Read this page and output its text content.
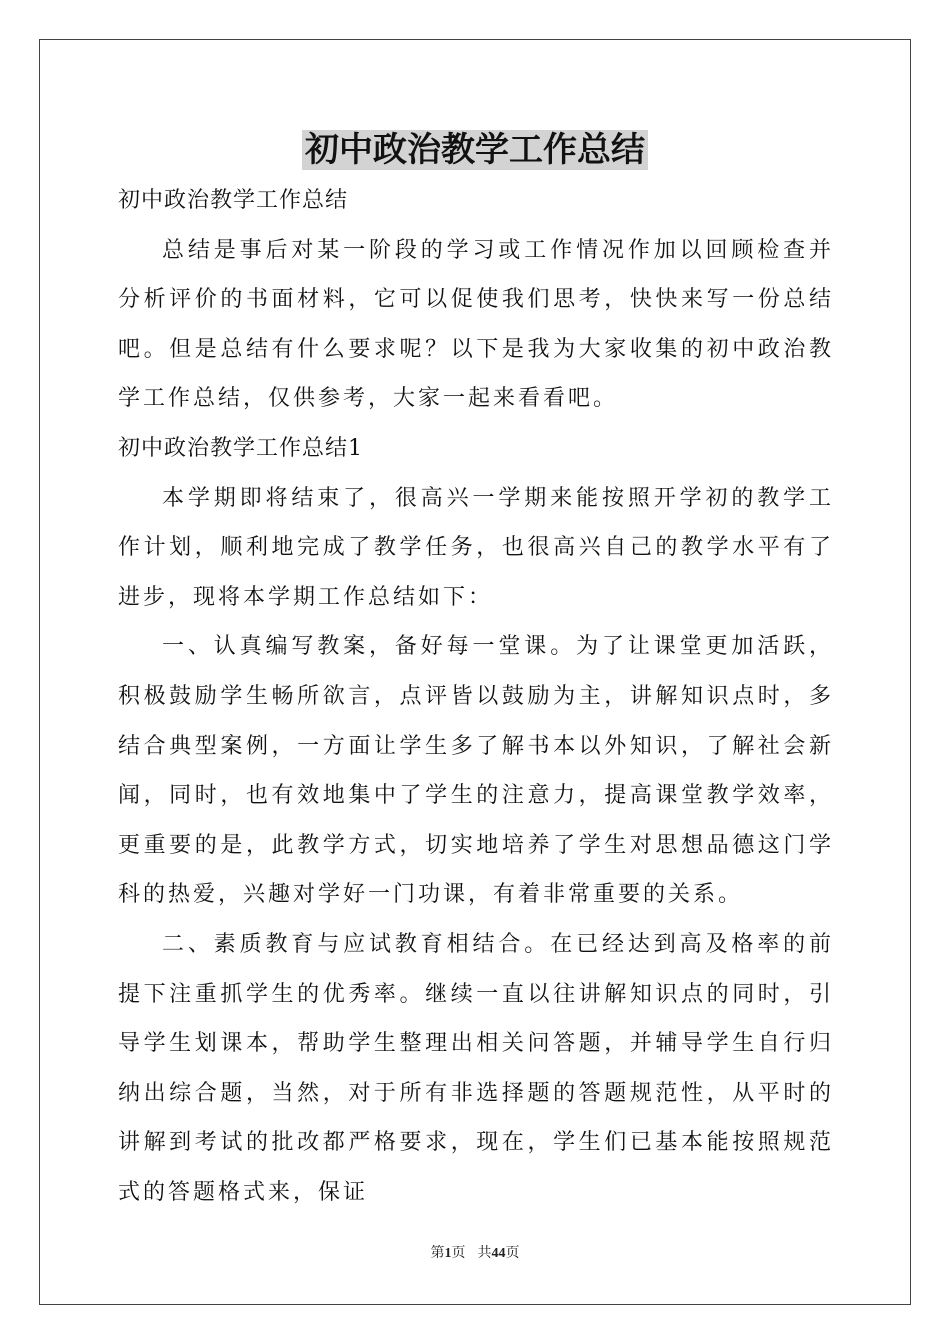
初中政治教学工作总结

初中政治教学工作总结

总结是事后对某一阶段的学习或工作情况作加以回顾检查并分析评价的书面材料，它可以促使我们思考，快快来写一份总结吧。但是总结有什么要求呢？以下是我为大家收集的初中政治教学工作总结，仅供参考，大家一起来看看吧。

初中政治教学工作总结1

本学期即将结束了，很高兴一学期来能按照开学初的教学工作计划，顺利地完成了教学任务，也很高兴自己的教学水平有了进步，现将本学期工作总结如下：

一、认真编写教案，备好每一堂课。为了让课堂更加活跃，积极鼓励学生畅所欲言，点评皆以鼓励为主，讲解知识点时，多结合典型案例，一方面让学生多了解书本以外知识，了解社会新闻，同时，也有效地集中了学生的注意力，提高课堂教学效率，更重要的是，此教学方式，切实地培养了学生对思想品德这门学科的热爱，兴趣对学好一门功课，有着非常重要的关系。

二、素质教育与应试教育相结合。在已经达到高及格率的前提下注重抓学生的优秀率。继续一直以往讲解知识点的同时，引导学生划课本，帮助学生整理出相关问答题，并辅导学生自行归纳出综合题，当然，对于所有非选择题的答题规范性，从平时的讲解到考试的批改都严格要求，现在，学生们已基本能按照规范式的答题格式来，保证

第1页 共44页
